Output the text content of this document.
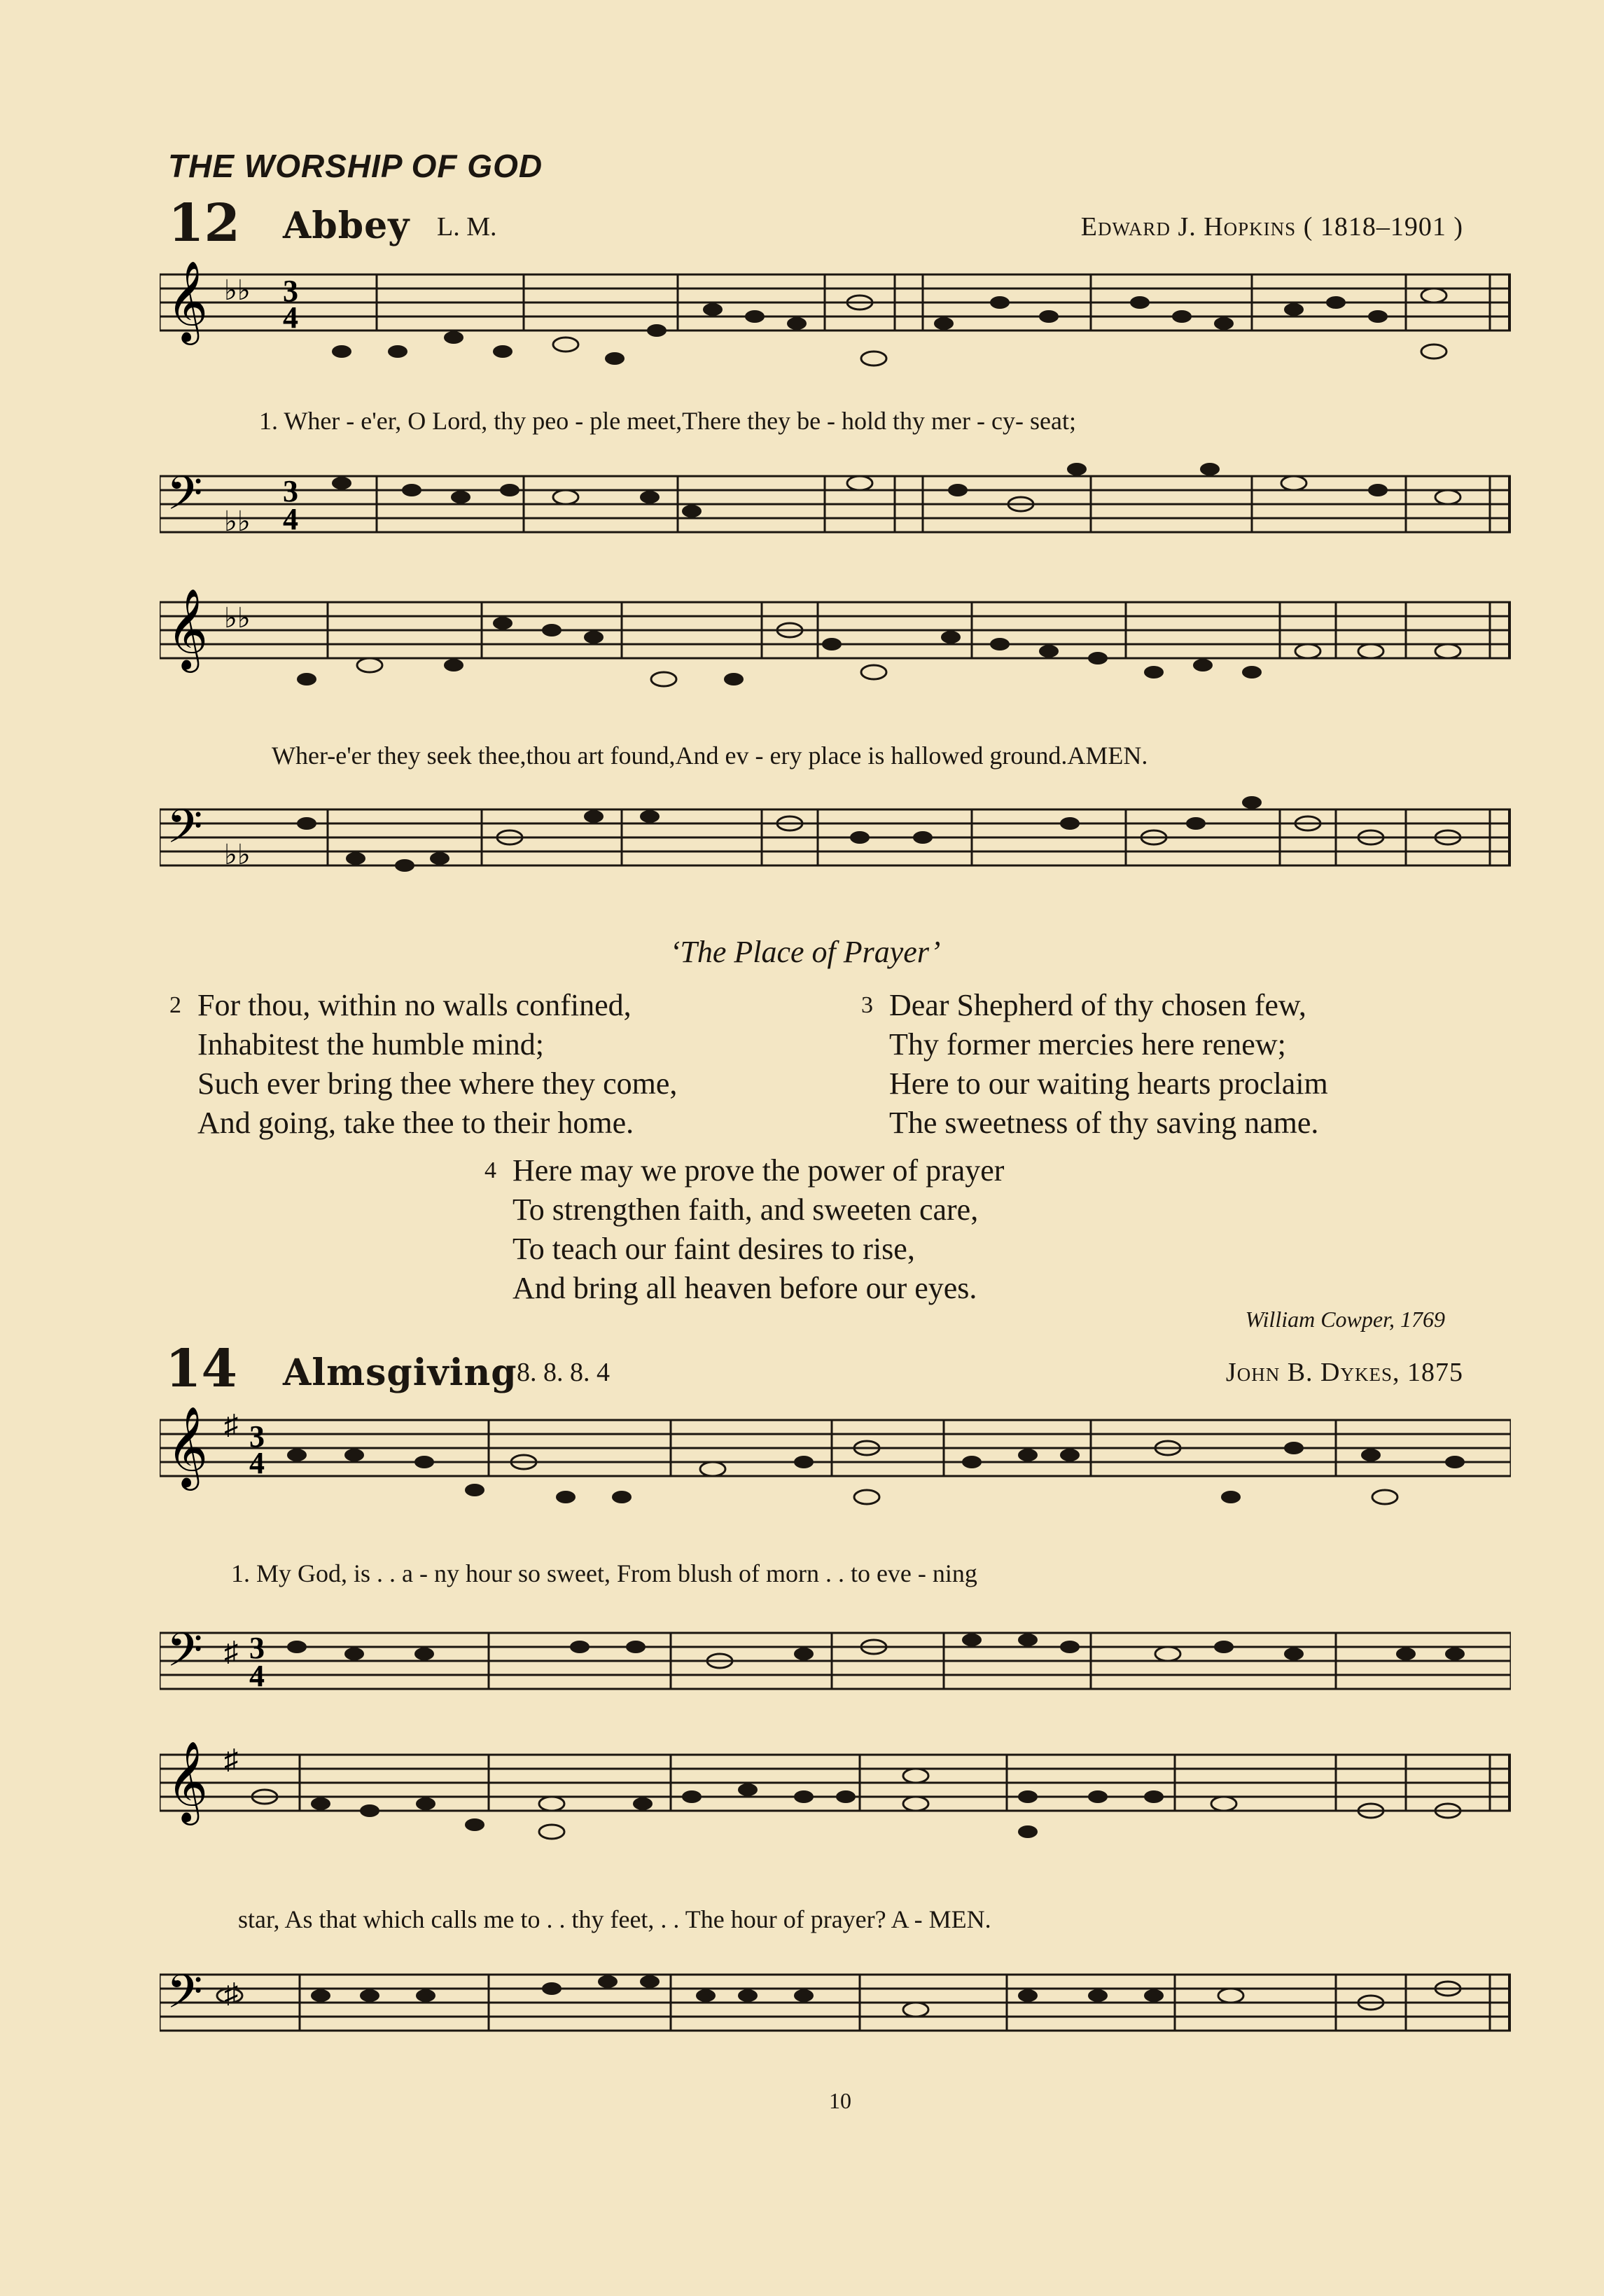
THE WORSHIP OF GOD
12 Abbey L. M.	Edward J. Hopkins ( 1818–1901 )
𝄞 ♭♭ 3
4
1. Wher - e'er, O Lord, thy peo - ple meet,There they be - hold thy mer - cy- seat;
𝄢 ♭♭
3
4
𝄞 ♭♭
Wher-e'er they seek thee,thou art found,And ev - ery place is hallowed ground.AMEN.
𝄢 ♭♭
‘The Place of Prayer’
2 For thou, within no walls confined,
Inhabitest the humble mind;
Such ever bring thee where they come,
And going, take thee to their home.
3 Dear Shepherd of thy chosen few,
Thy former mercies here renew;
Here to our waiting hearts proclaim
The sweetness of thy saving name.
4 Here may we prove the power of prayer
To strengthen faith, and sweeten care,
To teach our faint desires to rise,
And bring all heaven before our eyes.
William Cowper, 1769
14 Almsgiving 8. 8. 8. 4	John B. Dykes, 1875
𝄞 ♯ 3
4
1. My God, is . . a - ny hour so sweet, From blush of morn . . to eve - ning
𝄢 ♯ 3
4
𝄞 ♯
star, As that which calls me to . . thy feet, . . The hour of prayer? A - MEN.
𝄢 ♯
10
